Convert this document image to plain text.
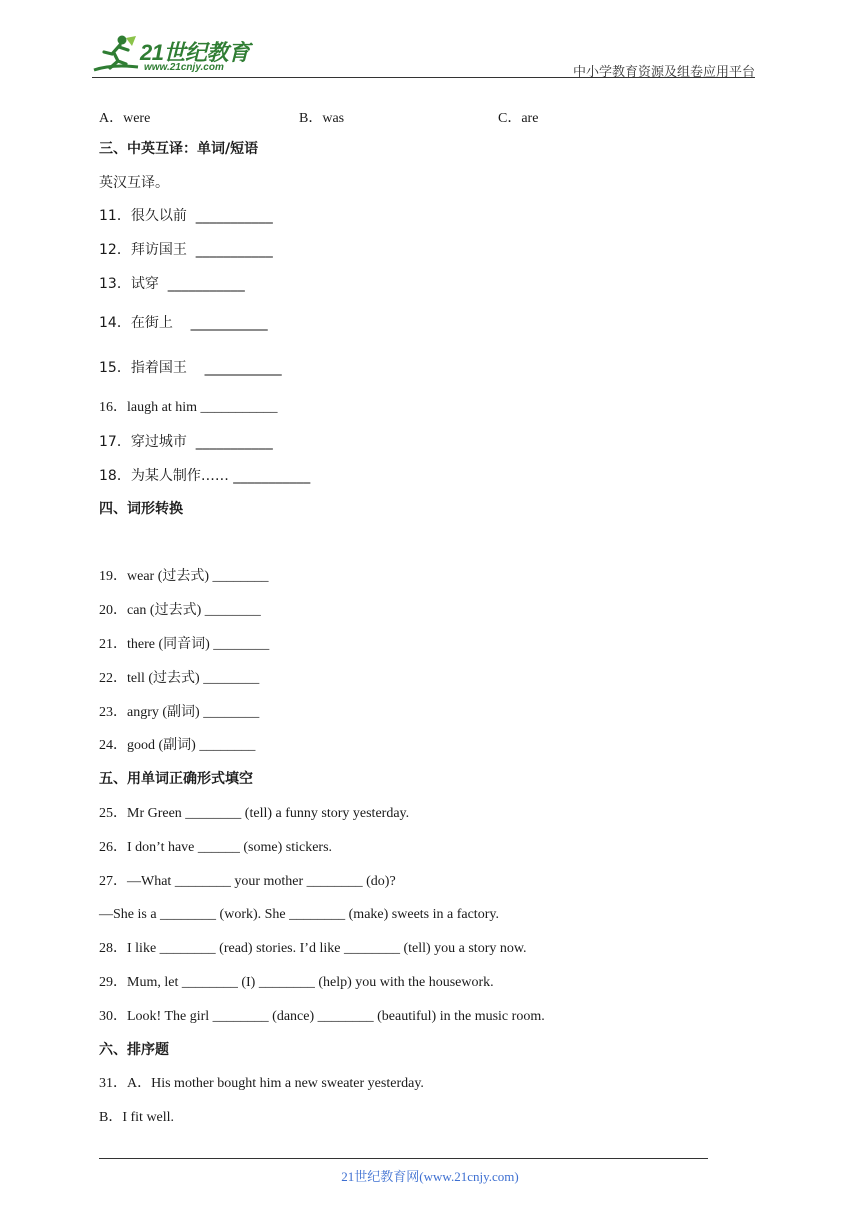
21世纪教育
www.21cnjy.com	中小学教育资源及组卷应用平台
A．were	B．was	C．are
三、中英互译：单词/短语
英汉互译。
11．很久以前  ___________
12．拜访国王  ___________
13．试穿  ___________
14．在街上    ___________
15．指着国王    ___________
16．laugh at him ___________
17．穿过城市  ___________
18．为某人制作…… ___________
四、词形转换
19．wear (过去式) ________
20．can (过去式) ________
21．there (同音词) ________
22．tell (过去式) ________
23．angry (副词) ________
24．good (副词) ________
五、用单词正确形式填空
25．Mr Green ________ (tell) a funny story yesterday.
26．I don’t have ______ (some) stickers.
27．—What ________ your mother ________ (do)?
—She is a ________ (work). She ________ (make) sweets in a factory.
28．I like ________ (read) stories. I’d like ________ (tell) you a story now.
29．Mum, let ________ (I) ________ (help) you with the housework.
30．Look! The girl ________ (dance) ________ (beautiful) in the music room.
六、排序题
31．A．His mother bought him a new sweater yesterday.
B．I fit well.
21世纪教育网(www.21cnjy.com)
